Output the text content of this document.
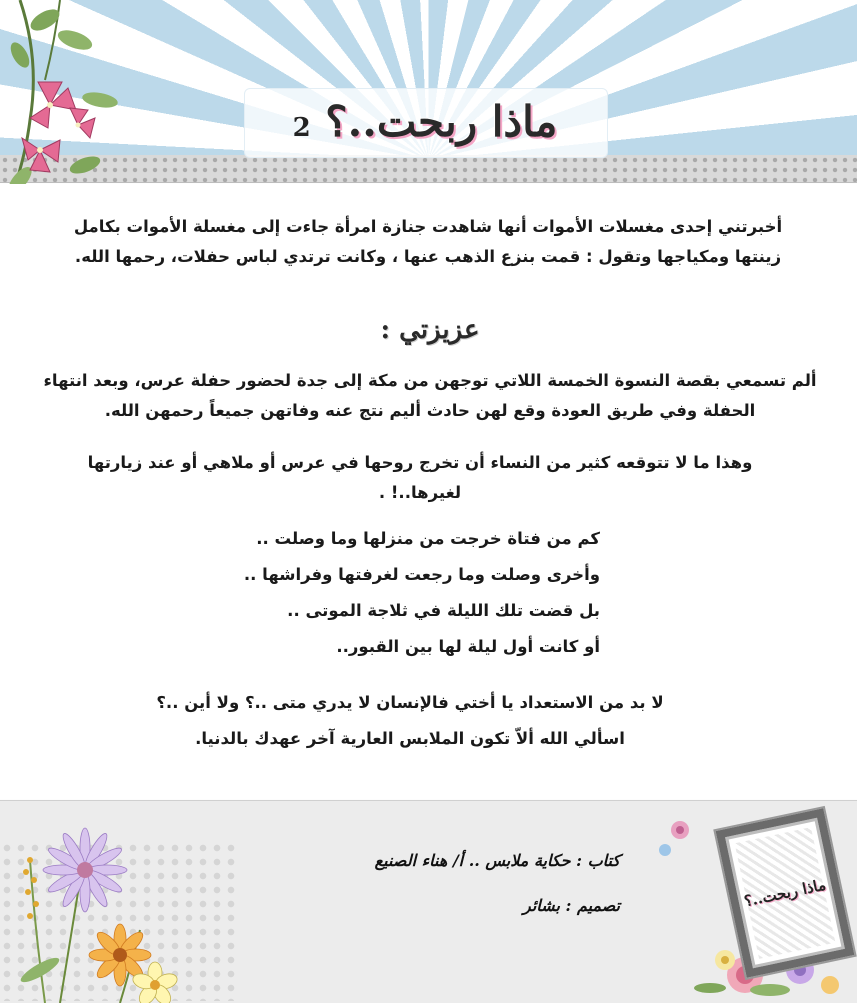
ماذا ربحت..؟ 2
أخبرتني إحدى مغسلات الأموات أنها شاهدت جنازة امرأة جاءت إلى مغسلة الأموات بكامل زينتها ومكياجها وتقول : قمت بنزع الذهب عنها ، وكانت ترتدي لباس حفلات، رحمها الله.
عزيزتي :
ألم تسمعي بقصة النسوة الخمسة اللاتي توجهن من مكة إلى جدة لحضور حفلة عرس، وبعد انتهاء الحفلة وفي طريق العودة وقع لهن حادث أليم نتج عنه وفاتهن جميعاً رحمهن الله.
وهذا ما لا تتوقعه كثير من النساء أن تخرج روحها في عرس أو ملاهي أو عند زيارتها لغيرها..! .
كم من فتاة خرجت من منزلها وما وصلت ..
وأخرى وصلت وما رجعت لغرفتها وفراشها ..
بل قضت تلك الليلة في ثلاجة الموتى ..
أو كانت أول ليلة لها بين القبور..
لا بد من الاستعداد يا أختي فالإنسان لا يدري متى ..؟ ولا أين ..؟
اسألي الله ألاّ تكون الملابس العارية آخر عهدك بالدنيا.
كتاب : حكاية ملابس .. أ/ هناء الصنيع
تصميم : بشائر	ماذا ربحت..؟
